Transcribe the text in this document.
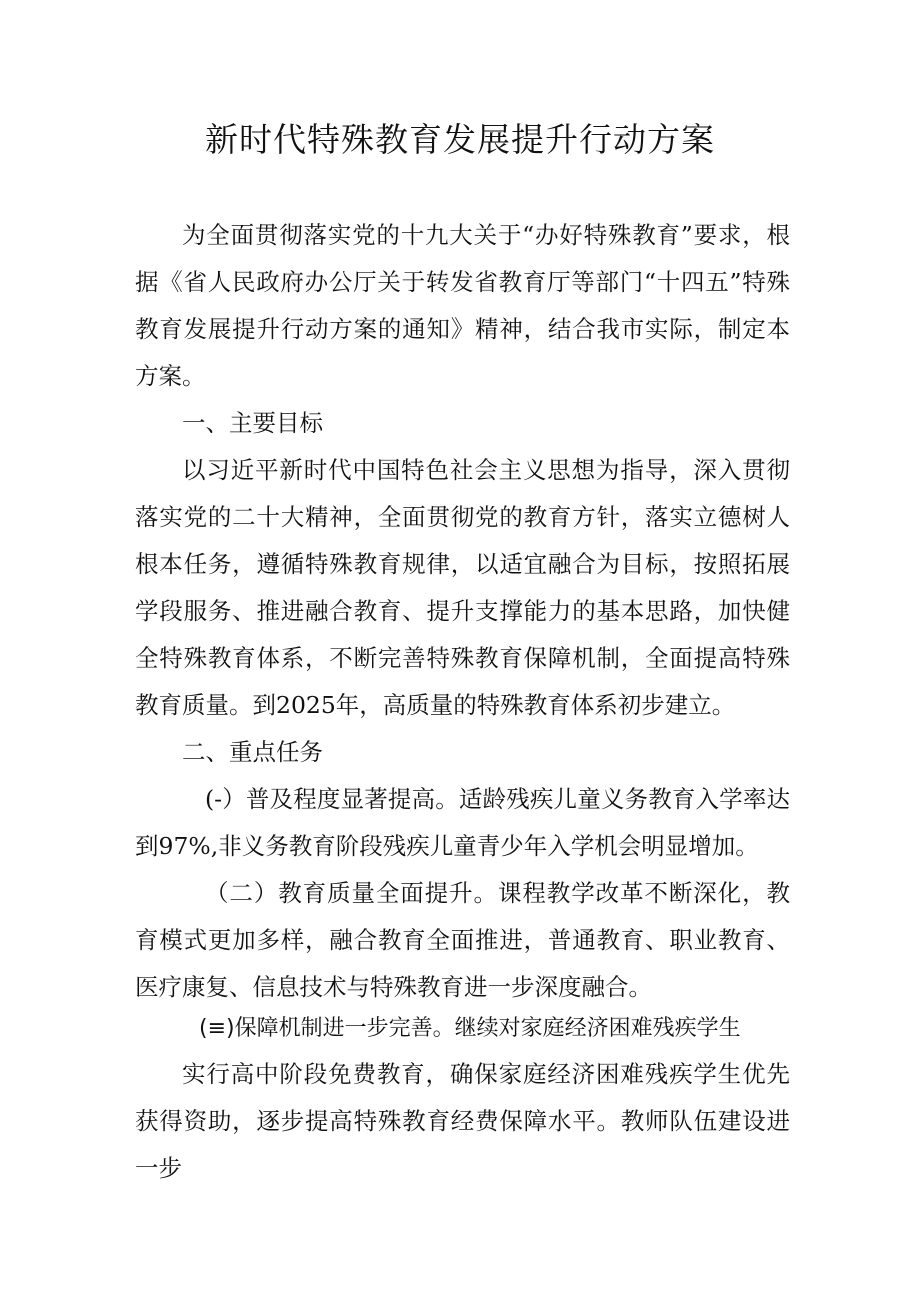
新时代特殊教育发展提升行动方案

为全面贯彻落实党的十九大关于“办好特殊教育”要求，根据《省人民政府办公厅关于转发省教育厅等部门“十四五”特殊教育发展提升行动方案的通知》精神，结合我市实际，制定本方案。

一、主要目标

以习近平新时代中国特色社会主义思想为指导，深入贯彻落实党的二十大精神，全面贯彻党的教育方针，落实立德树人根本任务，遵循特殊教育规律，以适宜融合为目标，按照拓展学段服务、推进融合教育、提升支撑能力的基本思路，加快健全特殊教育体系，不断完善特殊教育保障机制，全面提高特殊教育质量。到2025年，高质量的特殊教育体系初步建立。

二、重点任务

(-）普及程度显著提高。适龄残疾儿童义务教育入学率达到97%,非义务教育阶段残疾儿童青少年入学机会明显增加。

（二）教育质量全面提升。课程教学改革不断深化，教育模式更加多样，融合教育全面推进，普通教育、职业教育、医疗康复、信息技术与特殊教育进一步深度融合。

(≡)保障机制进一步完善。继续对家庭经济困难残疾学生

实行高中阶段免费教育，确保家庭经济困难残疾学生优先获得资助，逐步提高特殊教育经费保障水平。教师队伍建设进一步
